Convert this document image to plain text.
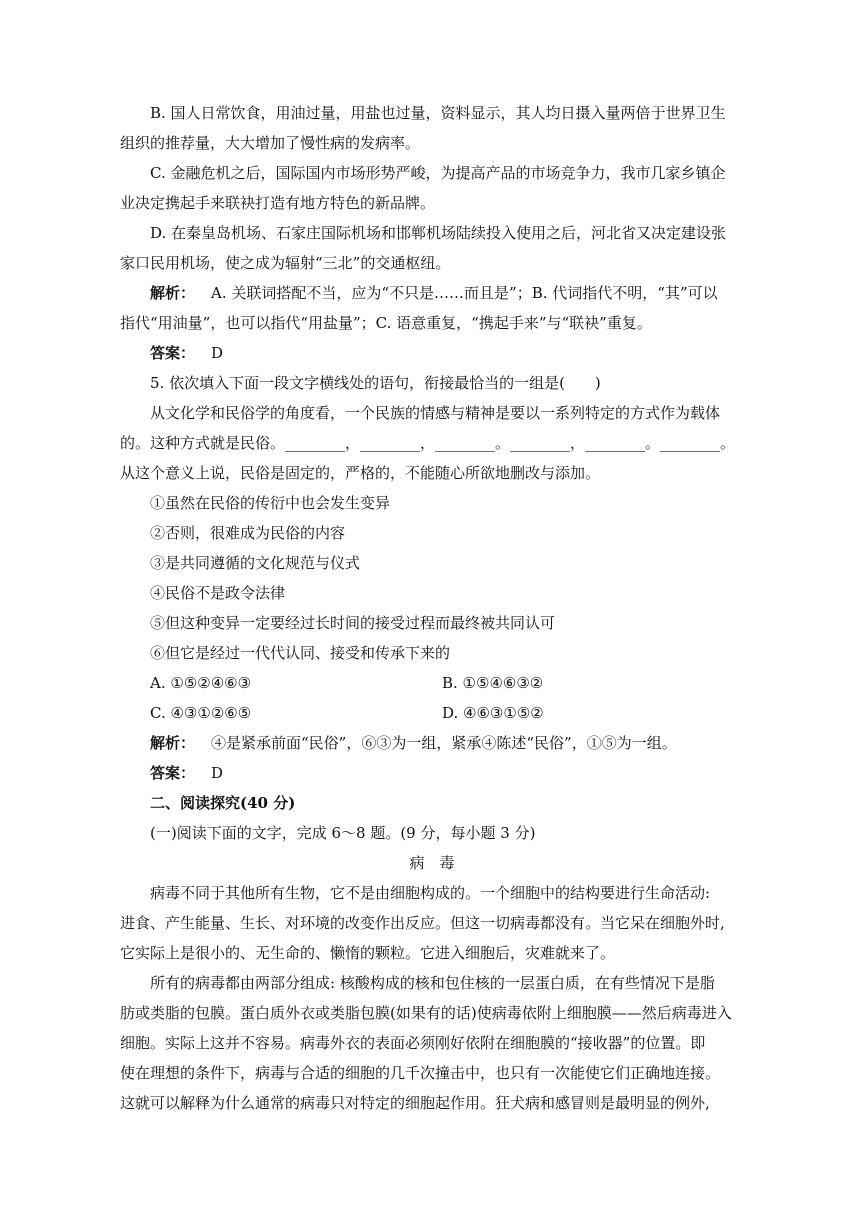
B. 国人日常饮食，用油过量，用盐也过量，资料显示，其人均日摄入量两倍于世界卫生
组织的推荐量，大大增加了慢性病的发病率。
C. 金融危机之后，国际国内市场形势严峻，为提高产品的市场竞争力，我市几家乡镇企
业决定携起手来联袂打造有地方特色的新品牌。
D. 在秦皇岛机场、石家庄国际机场和邯郸机场陆续投入使用之后，河北省又决定建设张
家口民用机场，使之成为辐射“三北”的交通枢纽。
解析： A. 关联词搭配不当，应为“不只是……而且是”；B. 代词指代不明，“其”可以
指代“用油量”，也可以指代“用盐量”；C. 语意重复，“携起手来”与“联袂”重复。
答案： D
5. 依次填入下面一段文字横线处的语句，衔接最恰当的一组是(　　)
从文化学和民俗学的角度看，一个民族的情感与精神是要以一系列特定的方式作为载体
的。这种方式就是民俗。________，________，________。________，________。________。
从这个意义上说，民俗是固定的，严格的，不能随心所欲地删改与添加。
①虽然在民俗的传衍中也会发生变异
②否则，很难成为民俗的内容
③是共同遵循的文化规范与仪式
④民俗不是政令法律
⑤但这种变异一定要经过长时间的接受过程而最终被共同认可
⑥但它是经过一代代认同、接受和传承下来的
A. ①⑤②④⑥③	B. ①⑤④⑥③②
C. ④③①②⑥⑤	D. ④⑥③①⑤②
解析： ④是紧承前面“民俗”，⑥③为一组，紧承④陈述“民俗”，①⑤为一组。
答案： D
二、阅读探究(40 分)
(一)阅读下面的文字，完成 6～8 题。(9 分，每小题 3 分)
病　毒
病毒不同于其他所有生物，它不是由细胞构成的。一个细胞中的结构要进行生命活动:
进食、产生能量、生长、对环境的改变作出反应。但这一切病毒都没有。当它呆在细胞外时,
它实际上是很小的、无生命的、懒惰的颗粒。它进入细胞后，灾难就来了。
所有的病毒都由两部分组成: 核酸构成的核和包住核的一层蛋白质，在有些情况下是脂
肪或类脂的包膜。蛋白质外衣或类脂包膜(如果有的话)使病毒依附上细胞膜——然后病毒进入
细胞。实际上这并不容易。病毒外衣的表面必须刚好依附在细胞膜的“接收器”的位置。即
使在理想的条件下，病毒与合适的细胞的几千次撞击中，也只有一次能使它们正确地连接。
这就可以解释为什么通常的病毒只对特定的细胞起作用。狂犬病和感冒则是最明显的例外,
